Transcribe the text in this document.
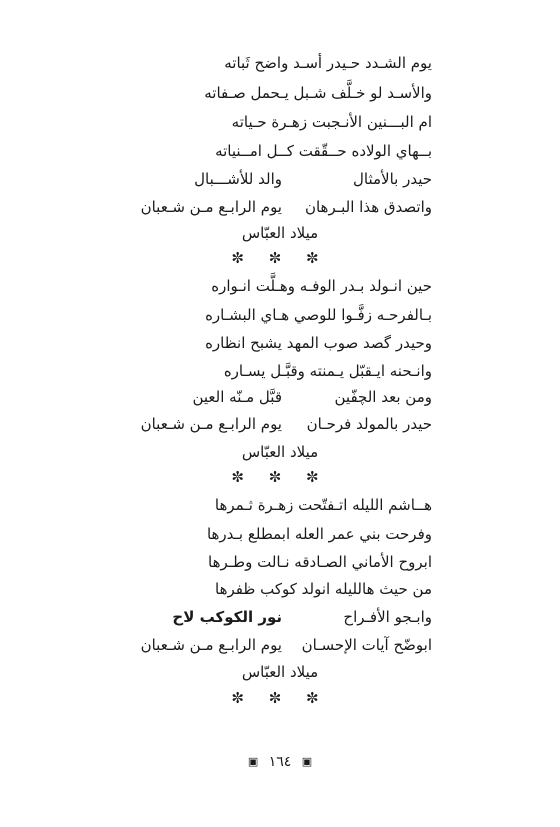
يوم الشـدد حـيدر أسـد واضح ثَباته
والأسـد لو خـلَّف شـبل يـحمل صـفاته
ام البـــنين الأنـجبت زهـرة حـياته
بــهاي الولاده حــقّقت كــل امــنياته
حيدر بالأمثال
والد للأشـــبال
واتصدق هذا البـرهان
يوم الرابـع مـن شـعبان
ميلاد العبّاس
✼ ✼ ✼
حين انـولد بـدر الوفـه وهـلَّت انـواره
بـالفرحـه زفَّـوا للوصي هـاي البشـاره
وحيدر گصد صوب المهد يشبح انظاره
وانـحنه ايـقبّل يـمنته وقبَّـل يسـاره
ومن بعد الچفّين
قبَّل مـنّه العين
حيدر بالمولد فرحـان
يوم الرابـع مـن شـعبان
ميلاد العبّاس
✼ ✼ ✼
هــاشم الليله اتـفتّحت زهـرة ثـمرها
وفرحت بني عمر العله ابمطلع بـدرها
ابروح الأماني الصـادقه نـالت وطـرها
من حيث هالليله انولد كوكب ظفرها
وابـجو الأفـراح
نور الكوكب لاح
ابوضّح آيات الإحسـان
يوم الرابـع مـن شـعبان
ميلاد العبّاس
✼ ✼ ✼
▣ ١٦٤ ▣
